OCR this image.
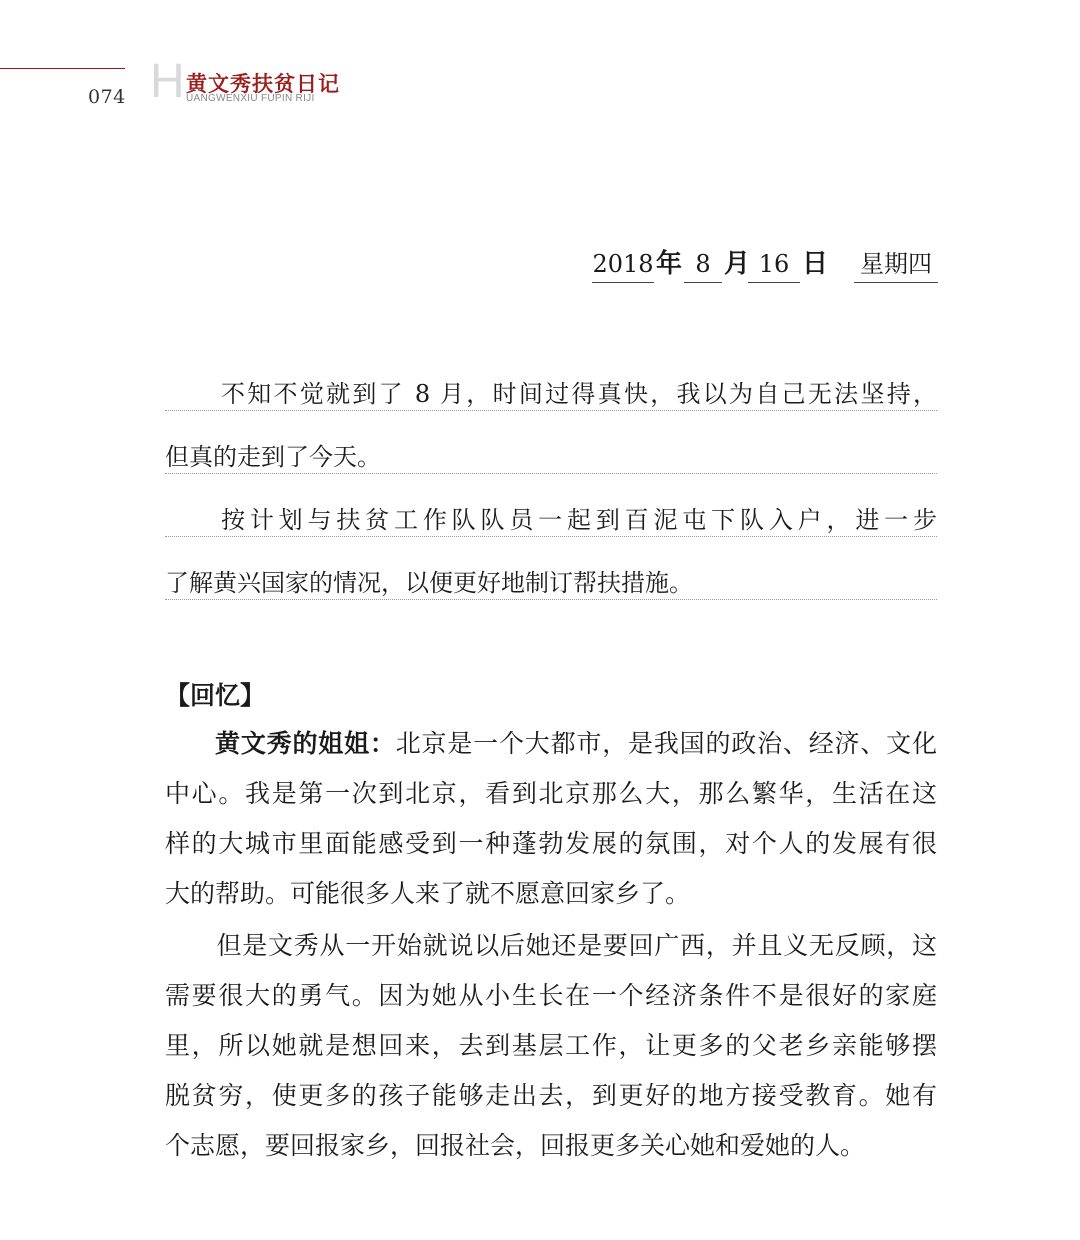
074 H 黄文秀扶贫日记
UANGWENXIU FUPIN RIJI
2018 年 8 月 16 日 星期四
不知不觉就到了 8 月，时间过得真快，我以为自己无法坚持，
但真的走到了今天。
按计划与扶贫工作队队员一起到百泥屯下队入户，进一步
了解黄兴国家的情况，以便更好地制订帮扶措施。
【回忆】
黄文秀的姐姐：北京是一个大都市，是我国的政治、经济、文化
中心。我是第一次到北京，看到北京那么大，那么繁华，生活在这
样的大城市里面能感受到一种蓬勃发展的氛围，对个人的发展有很
大的帮助。可能很多人来了就不愿意回家乡了。
　　但是文秀从一开始就说以后她还是要回广西，并且义无反顾，这
需要很大的勇气。因为她从小生长在一个经济条件不是很好的家庭
里，所以她就是想回来，去到基层工作，让更多的父老乡亲能够摆
脱贫穷，使更多的孩子能够走出去，到更好的地方接受教育。她有
个志愿，要回报家乡，回报社会，回报更多关心她和爱她的人。
